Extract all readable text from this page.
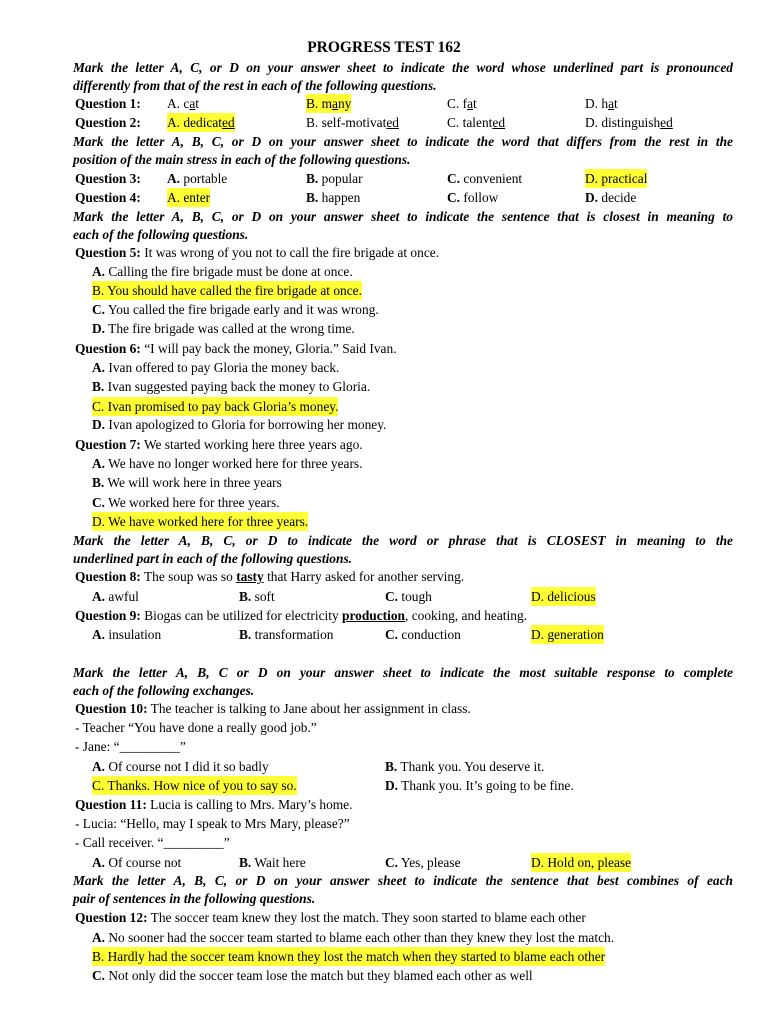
PROGRESS TEST 162
Mark the letter A, C, or D on your answer sheet to indicate the word whose underlined part is pronounced
differently from that of the rest in each of the following questions.
Question 1: A. cat	B. many	C. fat	D. hat
Question 2: A. dedicated	B. self-motivated	C. talented	D. distinguished
Mark the letter A, B, C, or D on your answer sheet to indicate the word that differs from the rest in the
position of the main stress in each of the following questions.
Question 3: A. portable	B. popular	C. convenient	D. practical
Question 4: A. enter	B. happen	C. follow	D. decide
Mark the letter A, B, C, or D on your answer sheet to indicate the sentence that is closest in meaning to
each of the following questions.
Question 5: It was wrong of you not to call the fire brigade at once.
A. Calling the fire brigade must be done at once.
B. You should have called the fire brigade at once.
C. You called the fire brigade early and it was wrong.
D. The fire brigade was called at the wrong time.
Question 6: “I will pay back the money, Gloria.” Said Ivan.
A. Ivan offered to pay Gloria the money back.
B. Ivan suggested paying back the money to Gloria.
C. Ivan promised to pay back Gloria’s money.
D. Ivan apologized to Gloria for borrowing her money.
Question 7: We started working here three years ago.
A. We have no longer worked here for three years.
B. We will work here in three years
C. We worked here for three years.
D. We have worked here for three years.
Mark the letter A, B, C, or D to indicate the word or phrase that is CLOSEST in meaning to the
underlined part in each of the following questions.
Question 8: The soup was so tasty that Harry asked for another serving.
A. awful	B. soft	C. tough	D. delicious
Question 9: Biogas can be utilized for electricity production, cooking, and heating.
A. insulation	B. transformation	C. conduction	D. generation
Mark the letter A, B, C or D on your answer sheet to indicate the most suitable response to complete
each of the following exchanges.
Question 10: The teacher is talking to Jane about her assignment in class.
- Teacher “You have done a really good job.”
- Jane: “_________”
A. Of course not I did it so badly	B. Thank you. You deserve it.
C. Thanks. How nice of you to say so.	D. Thank you. It’s going to be fine.
Question 11: Lucia is calling to Mrs. Mary’s home.
- Lucia: “Hello, may I speak to Mrs Mary, please?”
- Call receiver. “_________”
A. Of course not	B. Wait here	C. Yes, please	D. Hold on, please
Mark the letter A, B, C, or D on your answer sheet to indicate the sentence that best combines of each
pair of sentences in the following questions.
Question 12: The soccer team knew they lost the match. They soon started to blame each other
A. No sooner had the soccer team started to blame each other than they knew they lost the match.
B. Hardly had the soccer team known they lost the match when they started to blame each other
C. Not only did the soccer team lose the match but they blamed each other as well
